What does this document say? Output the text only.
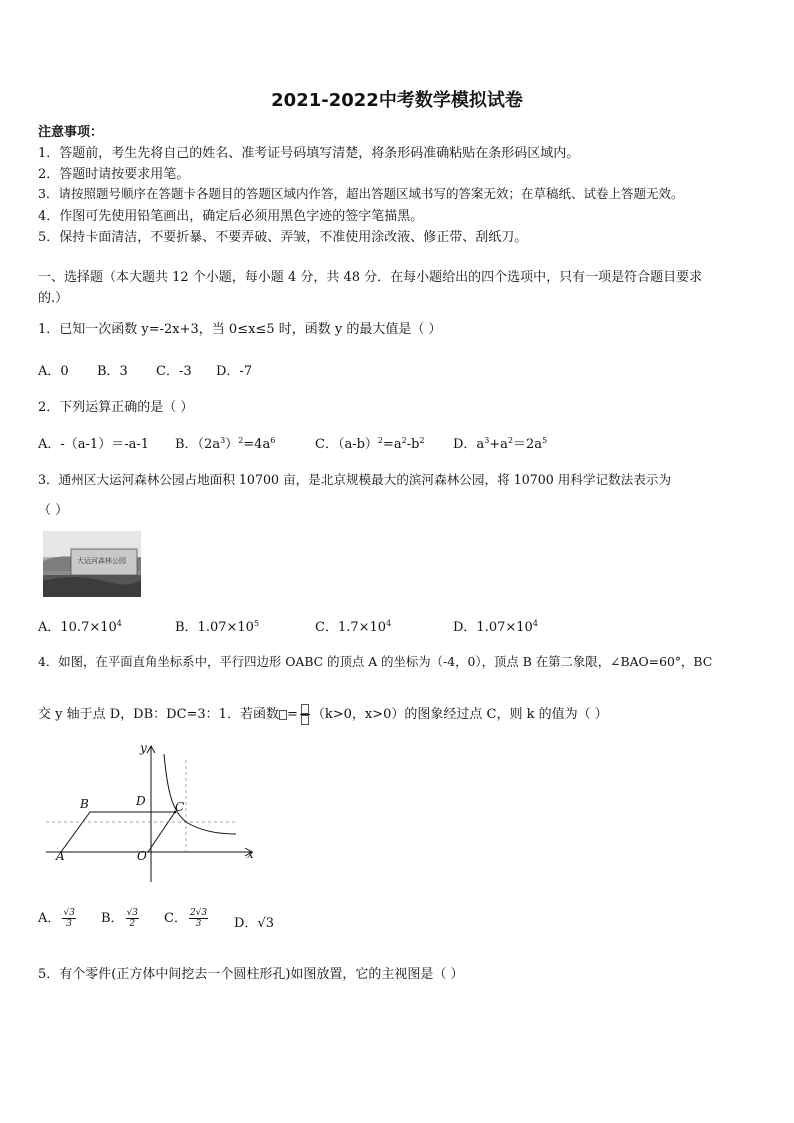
2021-2022中考数学模拟试卷
注意事项：
1．答题前，考生先将自己的姓名、准考证号码填写清楚，将条形码准确粘贴在条形码区域内。
2．答题时请按要求用笔。
3．请按照题号顺序在答题卡各题目的答题区域内作答，超出答题区域书写的答案无效；在草稿纸、试卷上答题无效。
4．作图可先使用铅笔画出，确定后必须用黑色字迹的签字笔描黑。
5．保持卡面清洁，不要折暴、不要弄破、弄皱，不准使用涂改液、修正带、刮纸刀。
一、选择题（本大题共 12 个小题，每小题 4 分，共 48 分．在每小题给出的四个选项中，只有一项是符合题目要求
的.）
1．已知一次函数 y=-2x+3，当 0≤x≤5 时，函数 y 的最大值是（ ）
A．0 B．3 C．-3 D．-7
2．下列运算正确的是（ ）
A．-（a-1）＝-a-1 B．$(2a^3)^2=4a^6$	C．$(a-b)^2=a^2-b^2$ D．$a^3+a^2=2a^5$
3．通州区大运河森林公园占地面积 10700 亩，是北京规模最大的滨河森林公园，将 10700 用科学记数法表示为
（ ）
大运河森林公园
A．$10.7\times 10^4$	B．$1.07\times 10^5$	C．$1.7\times 10^4$	D．$1.07\times 10^4$
4．如图，在平面直角坐标系中，平行四边形 OABC 的顶点 A 的坐标为（-4，0），顶点 B 在第二象限，∠BAO=60°，BC
交 y 轴于点 D，DB：DC=3：1．若函数 = （k>0，x>0）的图象经过点 C，则 k 的值为（ ）
y
x
B	D C
A	O
A． $\frac{√3}{3}$ B． $\frac{√3}{2}$ C． $\frac{2√3}{3}$ D．√3
5．有个零件(正方体中间挖去一个圆柱形孔)如图放置，它的主视图是（ ）
